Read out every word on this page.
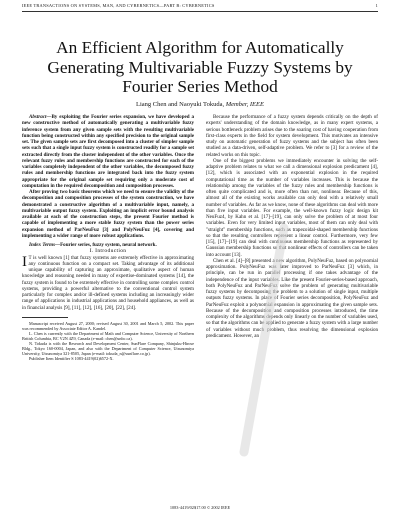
IEEE TRANSACTIONS ON SYSTEMS, MAN, AND CYBERNETICS—PART B: CYBERNETICS	1
An Efficient Algorithm for Automatically Generating Multivariable Fuzzy Systems by Fourier Series Method
Liang Chen and Naoyuki Tokuda, Member, IEEE

Abstract—By exploiting the Fourier series expansion, we have developed a new constructive method of automatically generating a multivariable fuzzy inference system from any given sample sets with the resulting multivariable function being constructed within any specified precision to the original sample set. The given sample sets are first decomposed into a cluster of simpler sample sets such that a single input fuzzy system is constructed readily for a sample set extracted directly from the cluster independent of the other variables. Once the relevant fuzzy rules and membership functions are constructed for each of the variables completely independent of the other variables, the decomposed fuzzy rules and membership functions are integrated back into the fuzzy system appropriate for the original sample set requiring only a moderate cost of computation in the required decomposition and composition processes.

After proving two basic theorems which we need to ensure the validity of the decomposition and composition processes of the system construction, we have demonstrated a constructive algorithm of a multivariable input, namely, a multivariable output fuzzy system. Exploiting an implicit error bound analysis available at each of the construction steps, the present Fourier method is capable of implementing a more stable fuzzy system than the power series expansion method of ParNeuFuz [3] and PolyNeuFuz [4], covering and implementing a wider range of more robust applications.

Index Terms—Fourier series, fuzzy system, neural network.

I. Introduction

I T is well known [1] that fuzzy systems are extremely effective in approximating any continuous function on a compact set. Taking advantage of its additional unique capability of capturing an approximate, qualitative aspect of human knowledge and reasoning needed in many of expertise-dominated systems [14], the fuzzy system is found to be extremely effective in controlling some complex control systems, providing a powerful alternative to the conventional control system particularly for complex and/or ill-defined systems including an increasingly wider range of applications in industrial applications and household appliances, as well as in financial analysis [9], [11], [12], [16], [20], [22], [24].

Manuscript received August 27, 2000; revised August 30, 2001 and March 5, 2002. This paper was recommended by Associate Editor A. Kandel.

L. Chen is currently with the Department of Math and Computer Science, University of Northern British Columbia, BC V2N 4Z9, Canada (e-mail: chen@unbc.ca).

N. Tokuda is with the Research and Development Center, SunFlare Company, Shinjuku-Hirose Bldg., Tokyo 160-0004, Japan, and also with the Department of Computer Science, Utsunomiya University, Utsunomiya 321-8505, Japan (e-mail: tokuda_n@sunflare.co.jp).

Publisher Item Identifier S 1083-4419(02)6572-X.

Because the performance of a fuzzy system depends critically on the depth of experts' understanding of the domain knowledge, as in many expert systems, a serious bottleneck problem arises due to the soaring cost of having cooperation from first-class experts in the field for system development. This motivates an intensive study on automatic generation of fuzzy systems and the subject has often been studied as a data-driven, self-adaptive problem. We refer to [3] for a review of the related works on this topic.

One of the biggest problems we immediately encounter in solving the self-adaptive problem relates to what we call a dimensional explosion predicament [4], [12], which is associated with an exponential explosion in the required computational time as the number of variables increases. This is because the relationship among the variables of the fuzzy rules and membership functions is often quite complicated and is, more often than not, nonlinear. Because of this, almost all of the existing works available can only deal with a relatively small number of variables. As far as we know, none of these algorithms can deal with more than five input variables. For example, the well-known fuzzy logic design kit NeuFuz4, by Kahn et al. [17]–[19], can only solve the problem of at most four variables. Even for very limited input variables, most of them can only deal with "straight" membership functions, such as trapezoidal-shaped membership functions so that the resulting controllers represent a linear control. Furthermore, very few [15], [17]–[19] can deal with continuous membership functions as represented by Gaussian membership functions so that nonlinear effects of controllers can be taken into account [13].

Chen et al. [4]–[8] presented a new algorithm, PolyNeuFuz, based on polynomial approximation. PolyNeuFuz was later improved to ParNeuFuz [3] which, in principle, can be run in parallel processing if one takes advantage of the independence of the input variables. Like the present Fourier-series-based approach, both PolyNeuFuz and ParNeuFuz solve the problem of generating multivariable fuzzy systems by decomposing the problem to a solution of single input, multiple outputs fuzzy systems. In place of Fourier series decomposition, PolyNeuFuz and ParNeuFuz exploit a polynomial expansion in approximating the given sample sets. Because of the decomposition and composition processes introduced, the time complexity of the algorithms depends only linearly on the number of variables used, so that the algorithms can be applied to generate a fuzzy system with a large number of variables without much problem, thus resolving the dimensional explosion predicament. However, an

1083-4419/02$17.00 © 2002 IEEE
